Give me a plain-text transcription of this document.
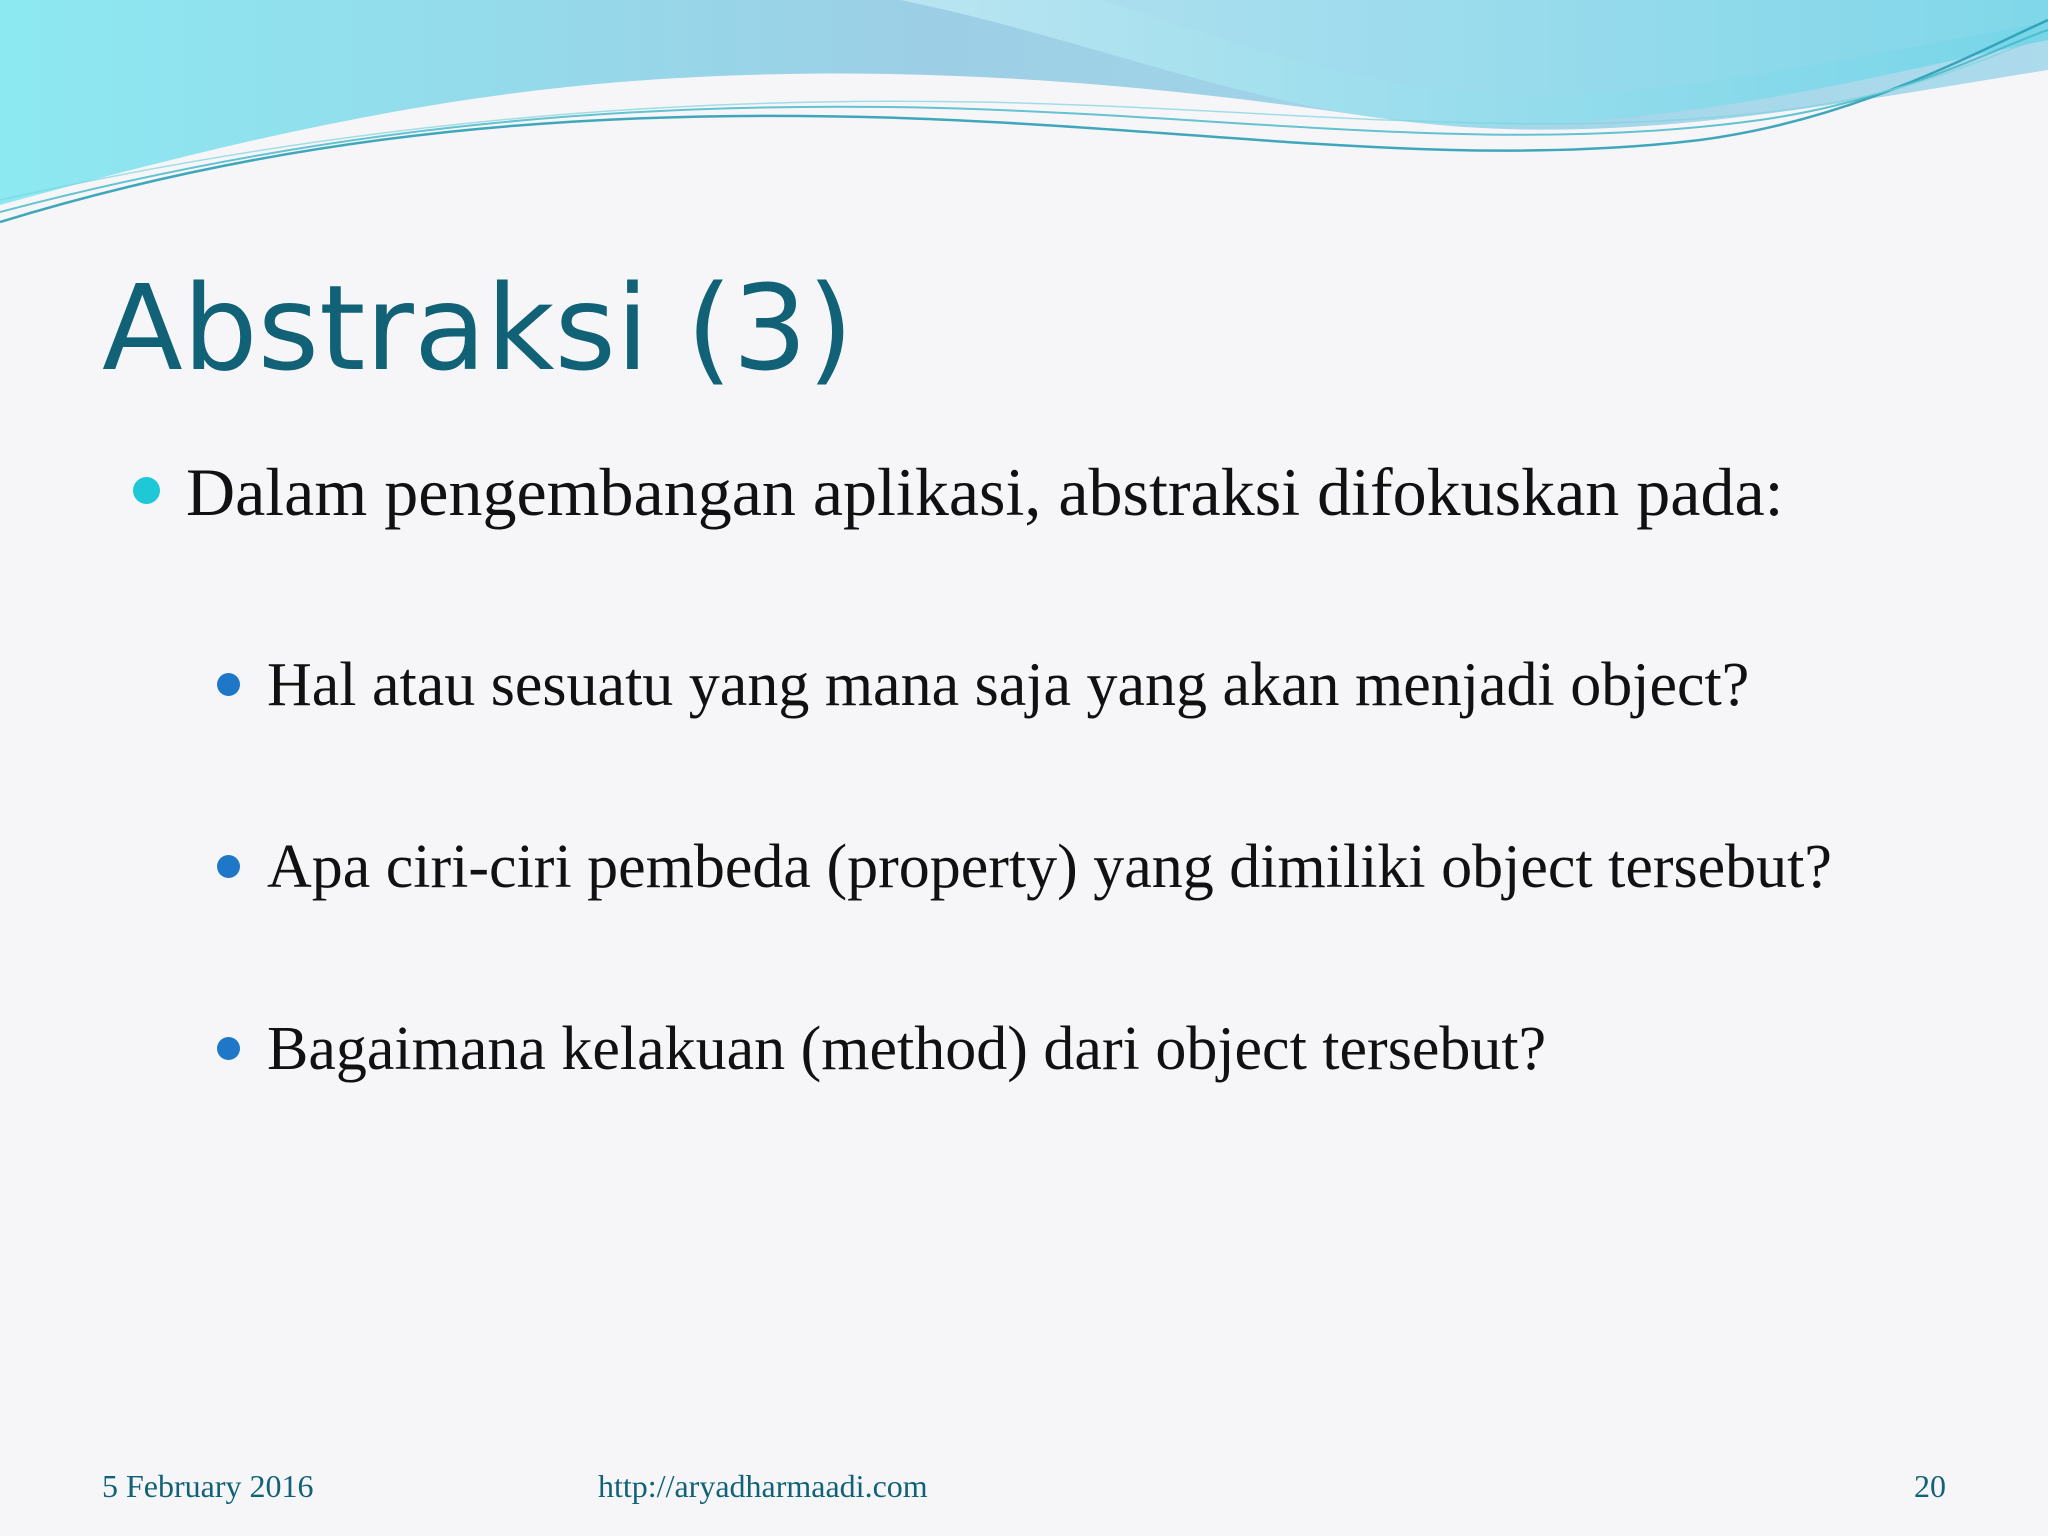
Abstraksi (3)
Dalam pengembangan aplikasi, abstraksi difokuskan pada:
Hal atau sesuatu yang mana saja yang akan menjadi object?
Apa ciri-ciri pembeda (property) yang dimiliki object tersebut?
Bagaimana kelakuan (method) dari object tersebut?
5 February 2016	http://aryadharmaadi.com	20
